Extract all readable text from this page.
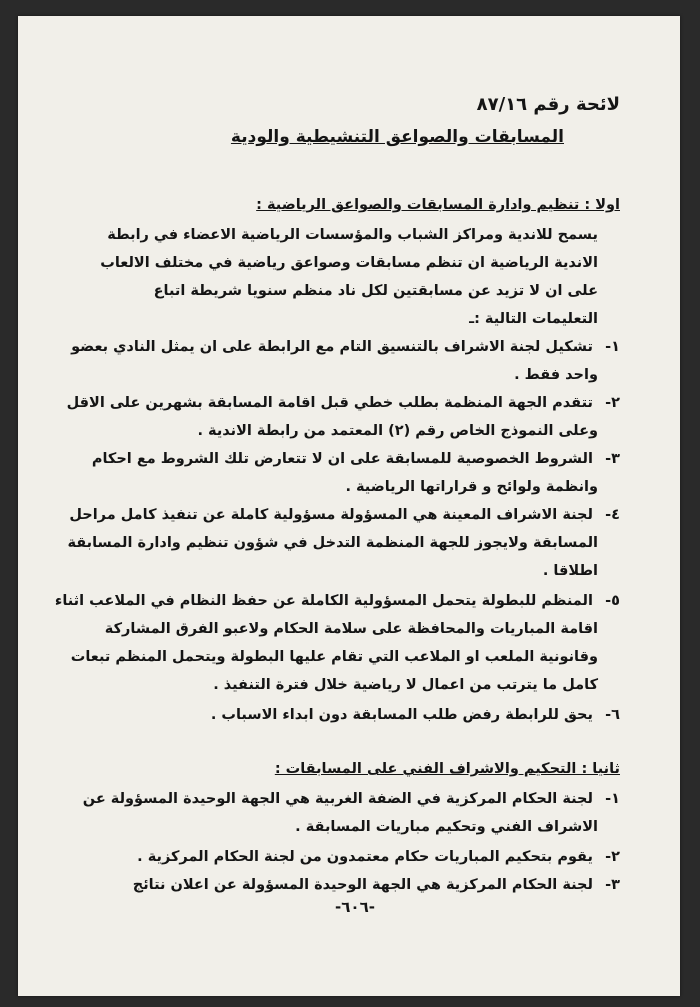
لائحة رقم ٨٧/١٦
المسابقات والصواعق التنشيطية والودية
اولا : تنظيم وادارة المسابقات والصواعق الرياضية :
يسمح للاندية ومراكز الشباب والمؤسسات الرياضية الاعضاء في رابطة
الاندية الرياضية ان تنظم مسابقات وصواعق رياضية في مختلف الالعاب
على ان لا تزيد عن مسابقتين لكل ناد منظم سنويا شريطة اتباع
التعليمات التالية :ـ
١- تشكيل لجنة الاشراف بالتنسيق التام مع الرابطة على ان يمثل النادي بعضو
واحد فقط .
٢- تتقدم الجهة المنظمة بطلب خطي قبل اقامة المسابقة بشهرين على الاقل
وعلى النموذج الخاص رقم (٢) المعتمد من رابطة الاندية .
٣- الشروط الخصوصية للمسابقة على ان لا تتعارض تلك الشروط مع احكام
وانظمة ولوائح و قراراتها الرياضية .
٤- لجنة الاشراف المعينة هي المسؤولة مسؤولية كاملة عن تنفيذ كامل مراحل
المسابقة ولايجوز للجهة المنظمة التدخل في شؤون تنظيم وادارة المسابقة
اطلاقا .
٥- المنظم للبطولة يتحمل المسؤولية الكاملة عن حفظ النظام في الملاعب اثناء
اقامة المباريات والمحافظة على سلامة الحكام ولاعبو الفرق المشاركة
وقانونية الملعب او الملاعب التي تقام عليها البطولة ويتحمل المنظم تبعات
كامل ما يترتب من اعمال لا رياضية خلال فترة التنفيذ .
٦- يحق للرابطة رفض طلب المسابقة دون ابداء الاسباب .
ثانيا : التحكيم والاشراف الفني على المسابقات :
١- لجنة الحكام المركزية في الضفة الغربية هي الجهة الوحيدة المسؤولة عن
الاشراف الفني وتحكيم مباريات المسابقة .
٢- يقوم بتحكيم المباريات حكام معتمدون من لجنة الحكام المركزية .
٣- لجنة الحكام المركزية هي الجهة الوحيدة المسؤولة عن اعلان نتائج
-٦٠٦-
